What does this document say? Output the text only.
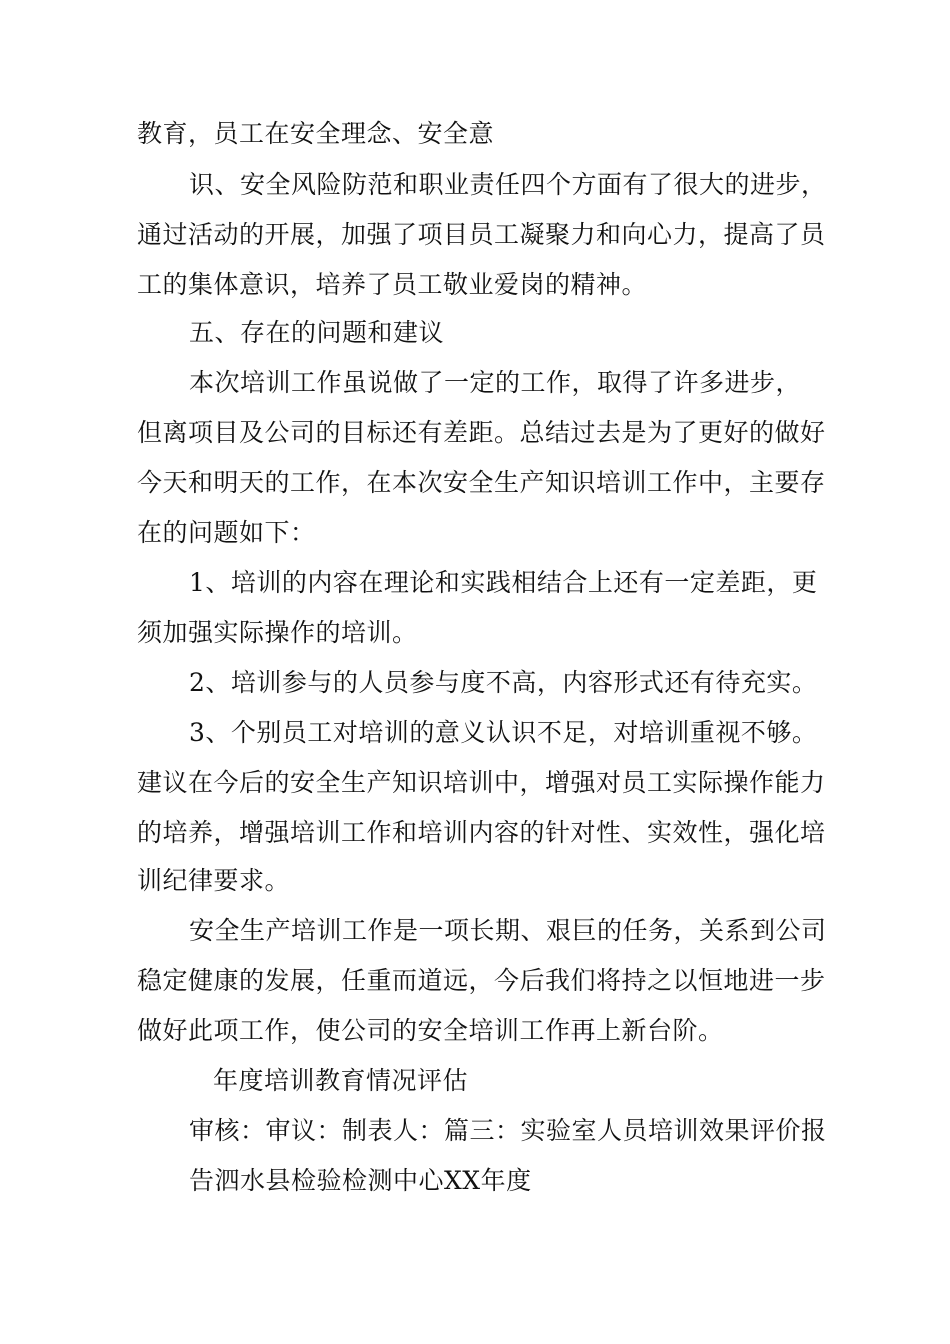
教育，员工在安全理念、安全意
识、安全风险防范和职业责任四个方面有了很大的进步，
通过活动的开展，加强了项目员工凝聚力和向心力，提高了员
工的集体意识，培养了员工敬业爱岗的精神。
五、存在的问题和建议
本次培训工作虽说做了一定的工作，取得了许多进步，
但离项目及公司的目标还有差距。总结过去是为了更好的做好
今天和明天的工作，在本次安全生产知识培训工作中，主要存
在的问题如下：
1、培训的内容在理论和实践相结合上还有一定差距，更
须加强实际操作的培训。
2、培训参与的人员参与度不高，内容形式还有待充实。
3、个别员工对培训的意义认识不足，对培训重视不够。
建议在今后的安全生产知识培训中，增强对员工实际操作能力
的培养，增强培训工作和培训内容的针对性、实效性，强化培
训纪律要求。
安全生产培训工作是一项长期、艰巨的任务，关系到公司
稳定健康的发展，任重而道远，今后我们将持之以恒地进一步
做好此项工作，使公司的安全培训工作再上新台阶。
年度培训教育情况评估
审核：审议：制表人：篇三：实验室人员培训效果评价报
告泗水县检验检测中心XX年度
